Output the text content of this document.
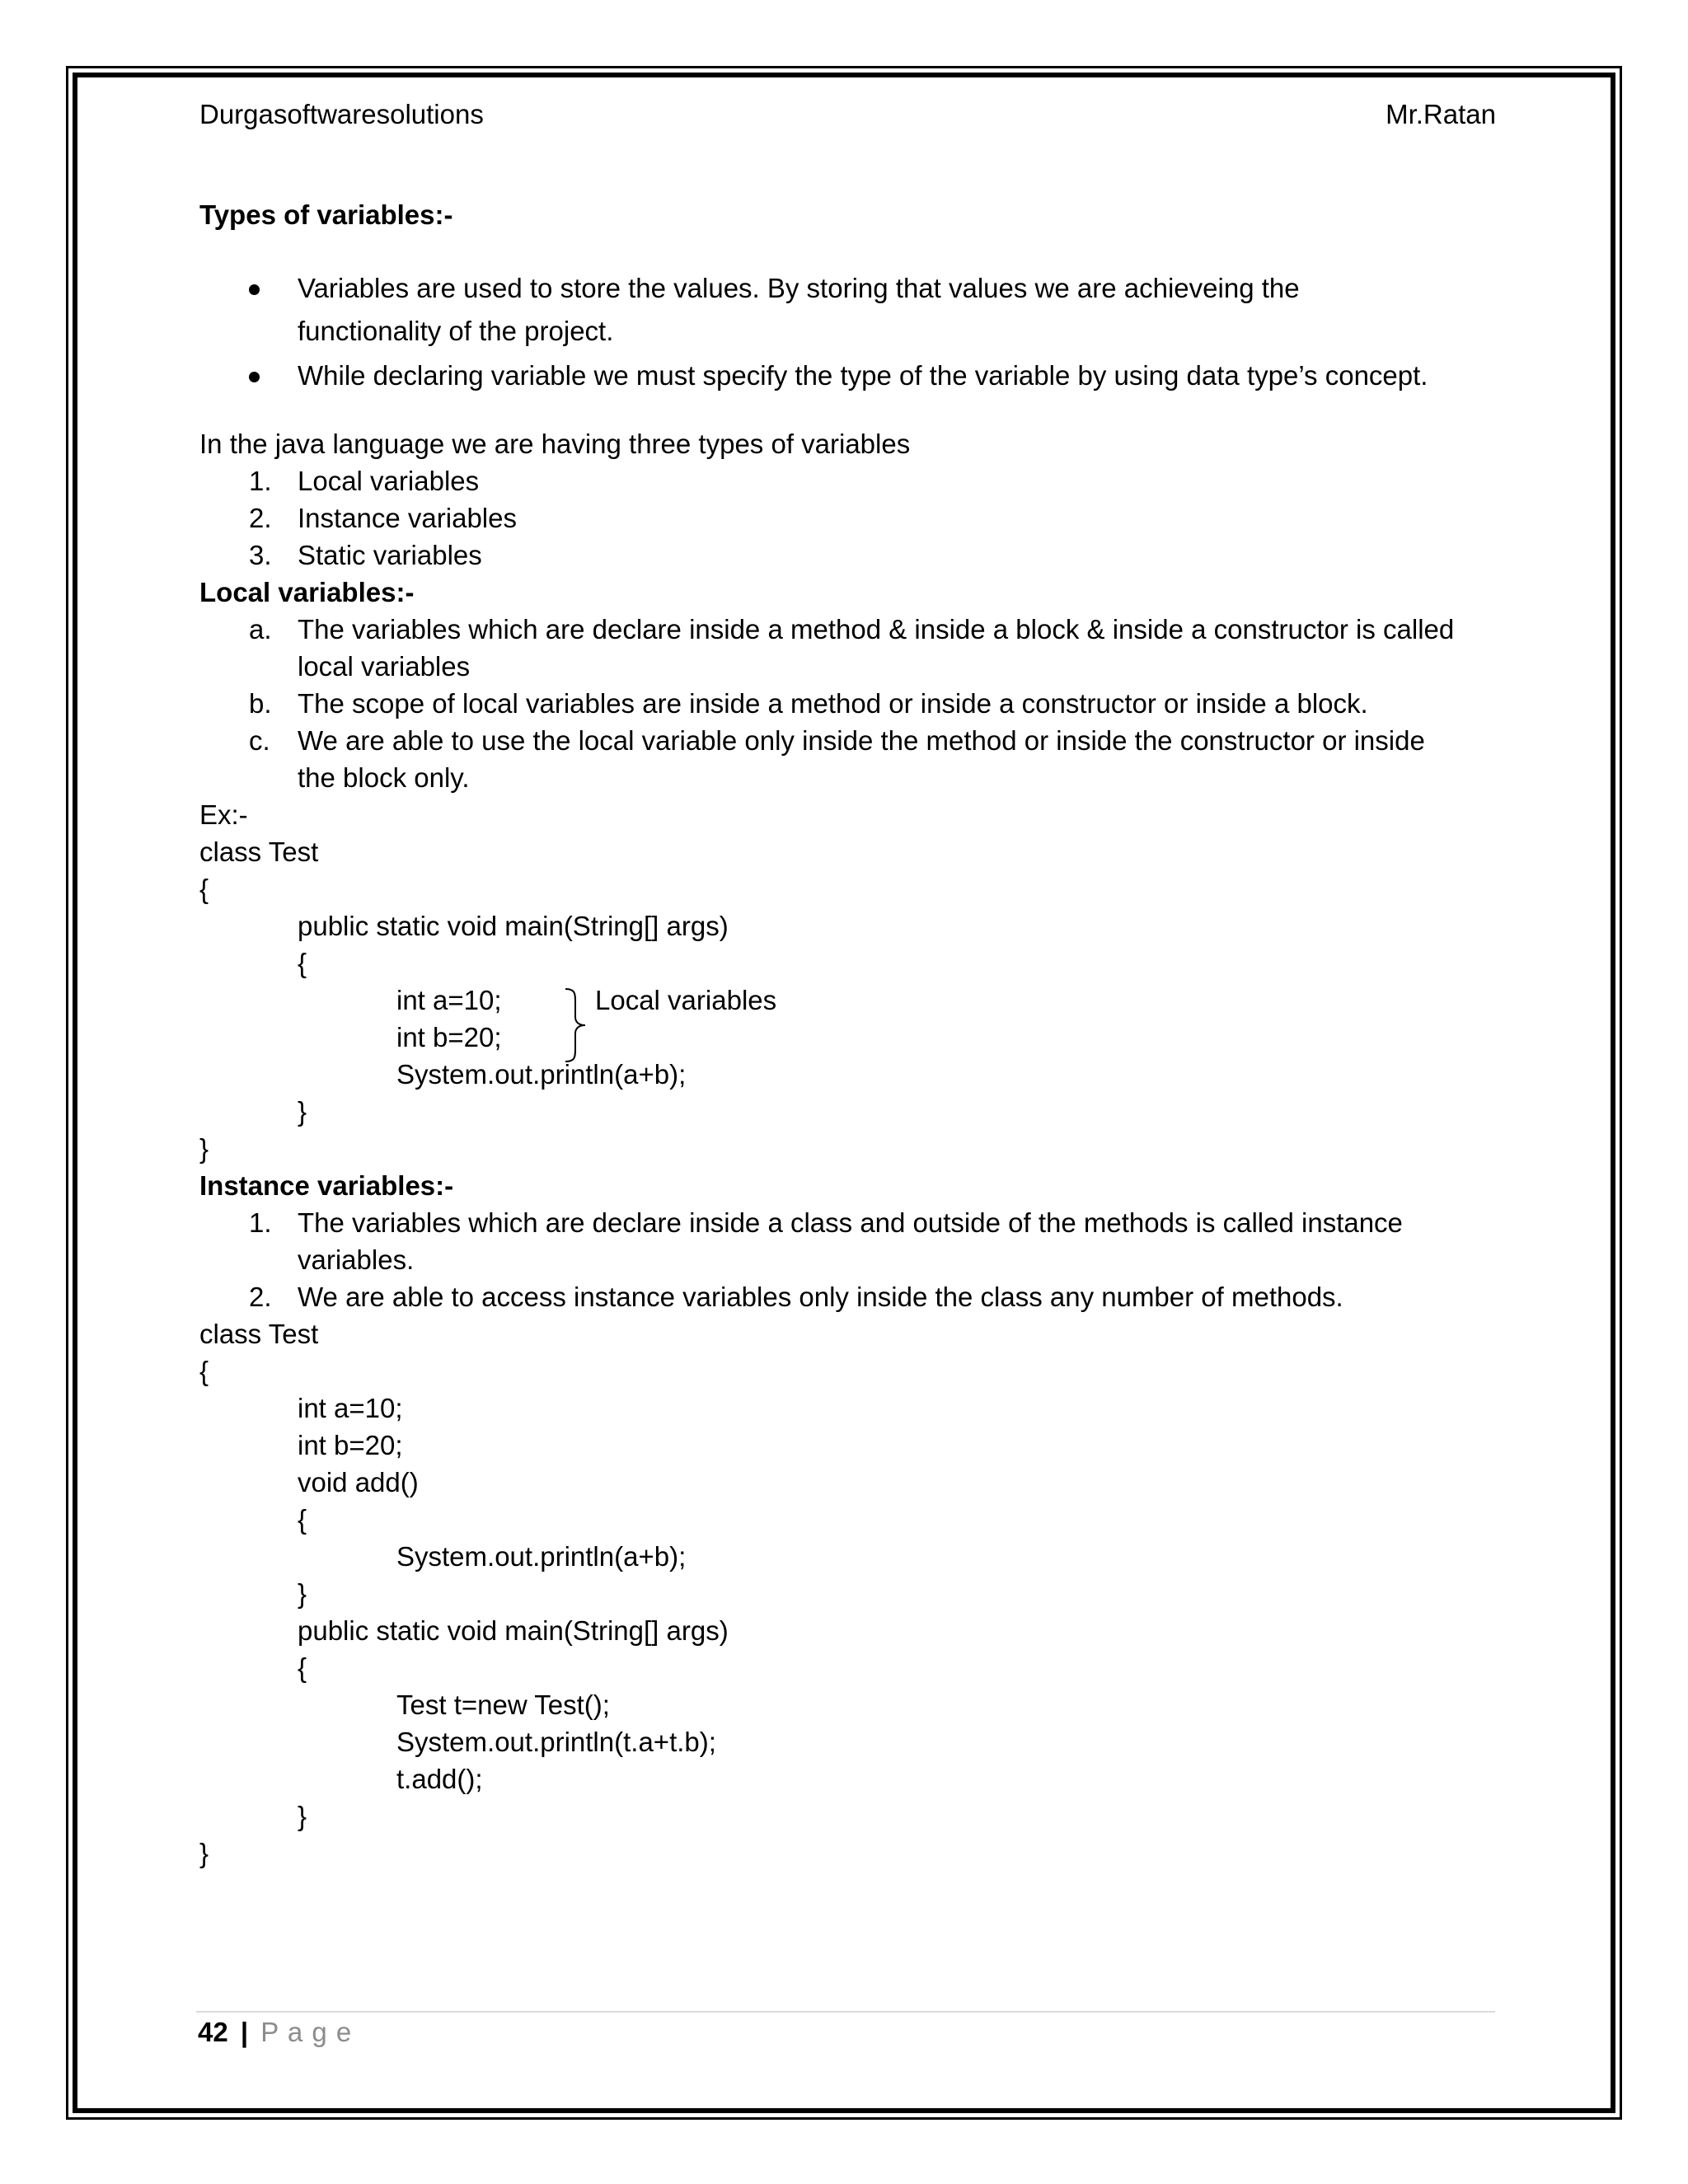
Durgasoftwaresolutions	Mr.Ratan
Types of variables:-
Variables are used to store the values. By storing that values we are achieveing the
functionality of the project.
While declaring variable we must specify the type of the variable by using data type’s concept.
In the java language we are having three types of variables
1. Local variables
2. Instance variables
3. Static variables
Local variables:-
a. The variables which are declare inside a method & inside a block & inside a constructor is called
local variables
b. The scope of local variables are inside a method or inside a constructor or inside a block.
c. We are able to use the local variable only inside the method or inside the constructor or inside
the block only.
Ex:-
class Test
{
public static void main(String[] args)
{
int a=10;
int b=20;
System.out.println(a+b);
}
}
Local variables
Instance variables:-
1. The variables which are declare inside a class and outside of the methods is called instance
variables.
2. We are able to access instance variables only inside the class any number of methods.
class Test
{
int a=10;
int b=20;
void add()
{
System.out.println(a+b);
}
public static void main(String[] args)
{
Test t=new Test();
System.out.println(t.a+t.b);
t.add();
}
}
42 | P a g e
